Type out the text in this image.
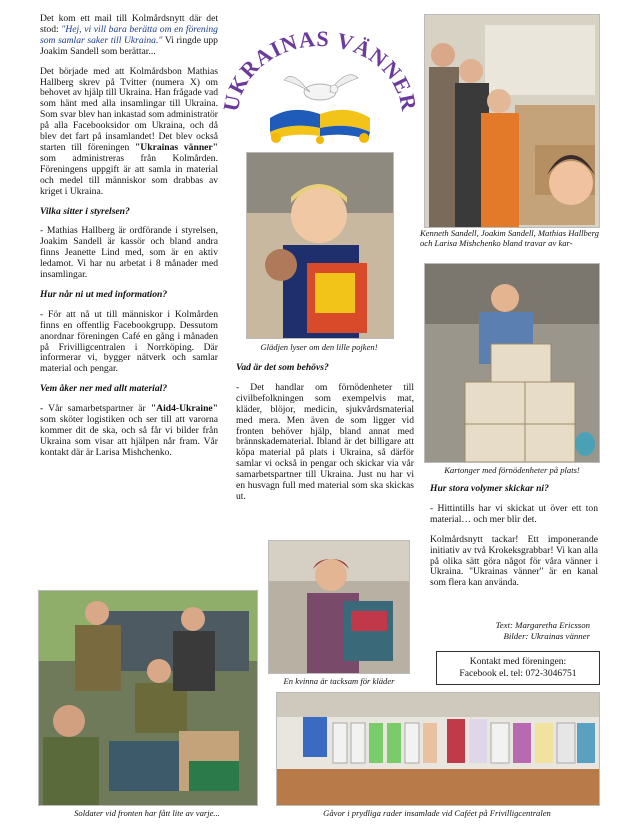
Det kom ett mail till Kolmårdsnytt där det stod: "Hej, vi vill bara berätta om en förening som samlar saker till Ukraina." Vi ringde upp Joakim Sandell som berättar...

Det började med att Kolmårdsbon Mathias Hallberg skrev på Tvitter (numera X) om behovet av hjälp till Ukraina. Han frågade vad som hänt med alla insamlingar till Ukraina. Som svar blev han inkastad som administratör på alla Facebooksidor om Ukraina, och då blev det fart på insamlandet! Det blev också starten till föreningen "Ukrainas vänner" som administreras från Kolmården. Föreningens uppgift är att samla in material och medel till människor som drabbas av kriget i Ukraina.

Vilka sitter i styrelsen?

- Mathias Hallberg är ordförande i styrelsen, Joakim Sandell är kassör och bland andra finns Jeanette Lind med, som är en aktiv ledamot. Vi har nu arbetat i 8 månader med insamlingar.

Hur når ni ut med information?

- För att nå ut till människor i Kolmården finns en offentlig Facebookgrupp. Dessutom anordnar föreningen Café en gång i månaden på Frivilligcentralen i Norrköping. Där informerar vi, bygger nätverk och samlar material och pengar.

Vem åker ner med allt material?

- Vår samarbetspartner är "Aid4-Ukraine" som sköter logistiken och ser till att varorna kommer dit de ska, och så får vi bilder från Ukraina som visar att hjälpen når fram. Vår kontakt där är Larisa Mishchenko.

KRAINAS VÄNNE
Glädjen lyser om den lille pojken!
Kenneth Sandell, Joakim Sandell, Mathias Hallberg och Larisa Mishchenko bland travar av kar-
Kartonger med förnödenheter på plats!

Vad är det som behövs?

- Det handlar om förnödenheter till civilbefolkningen som exempelvis mat, kläder, blöjor, medicin, sjukvårdsmaterial med mera. Men även de som ligger vid fronten behöver hjälp, bland annat med brännskadematerial. Ibland är det billigare att köpa material på plats i Ukraina, så därför samlar vi också in pengar och skickar via vår samarbetspartner till Ukraina. Just nu har vi en husvagn full med material som ska skickas ut.

Hur stora volymer skickar ni?

- Hittintills har vi skickat ut över ett ton material… och mer blir det.

Kolmårdsnytt tackar! Ett imponerande initiativ av två Krokeksgrabbar! Vi kan alla på olika sätt göra något för våra vänner i Ukraina. "Ukrainas vänner" är en kanal som flera kan använda.

Text: Margaretha Ericsson
Bilder: Ukrainas vänner
Kontakt med föreningen:
Facebook el. tel: 072-3046751
En kvinna är tacksam för kläder
Soldater vid fronten har fått lite av varje...	Gåvor i prydliga rader insamlade vid Caféet på Frivilligcentralen
